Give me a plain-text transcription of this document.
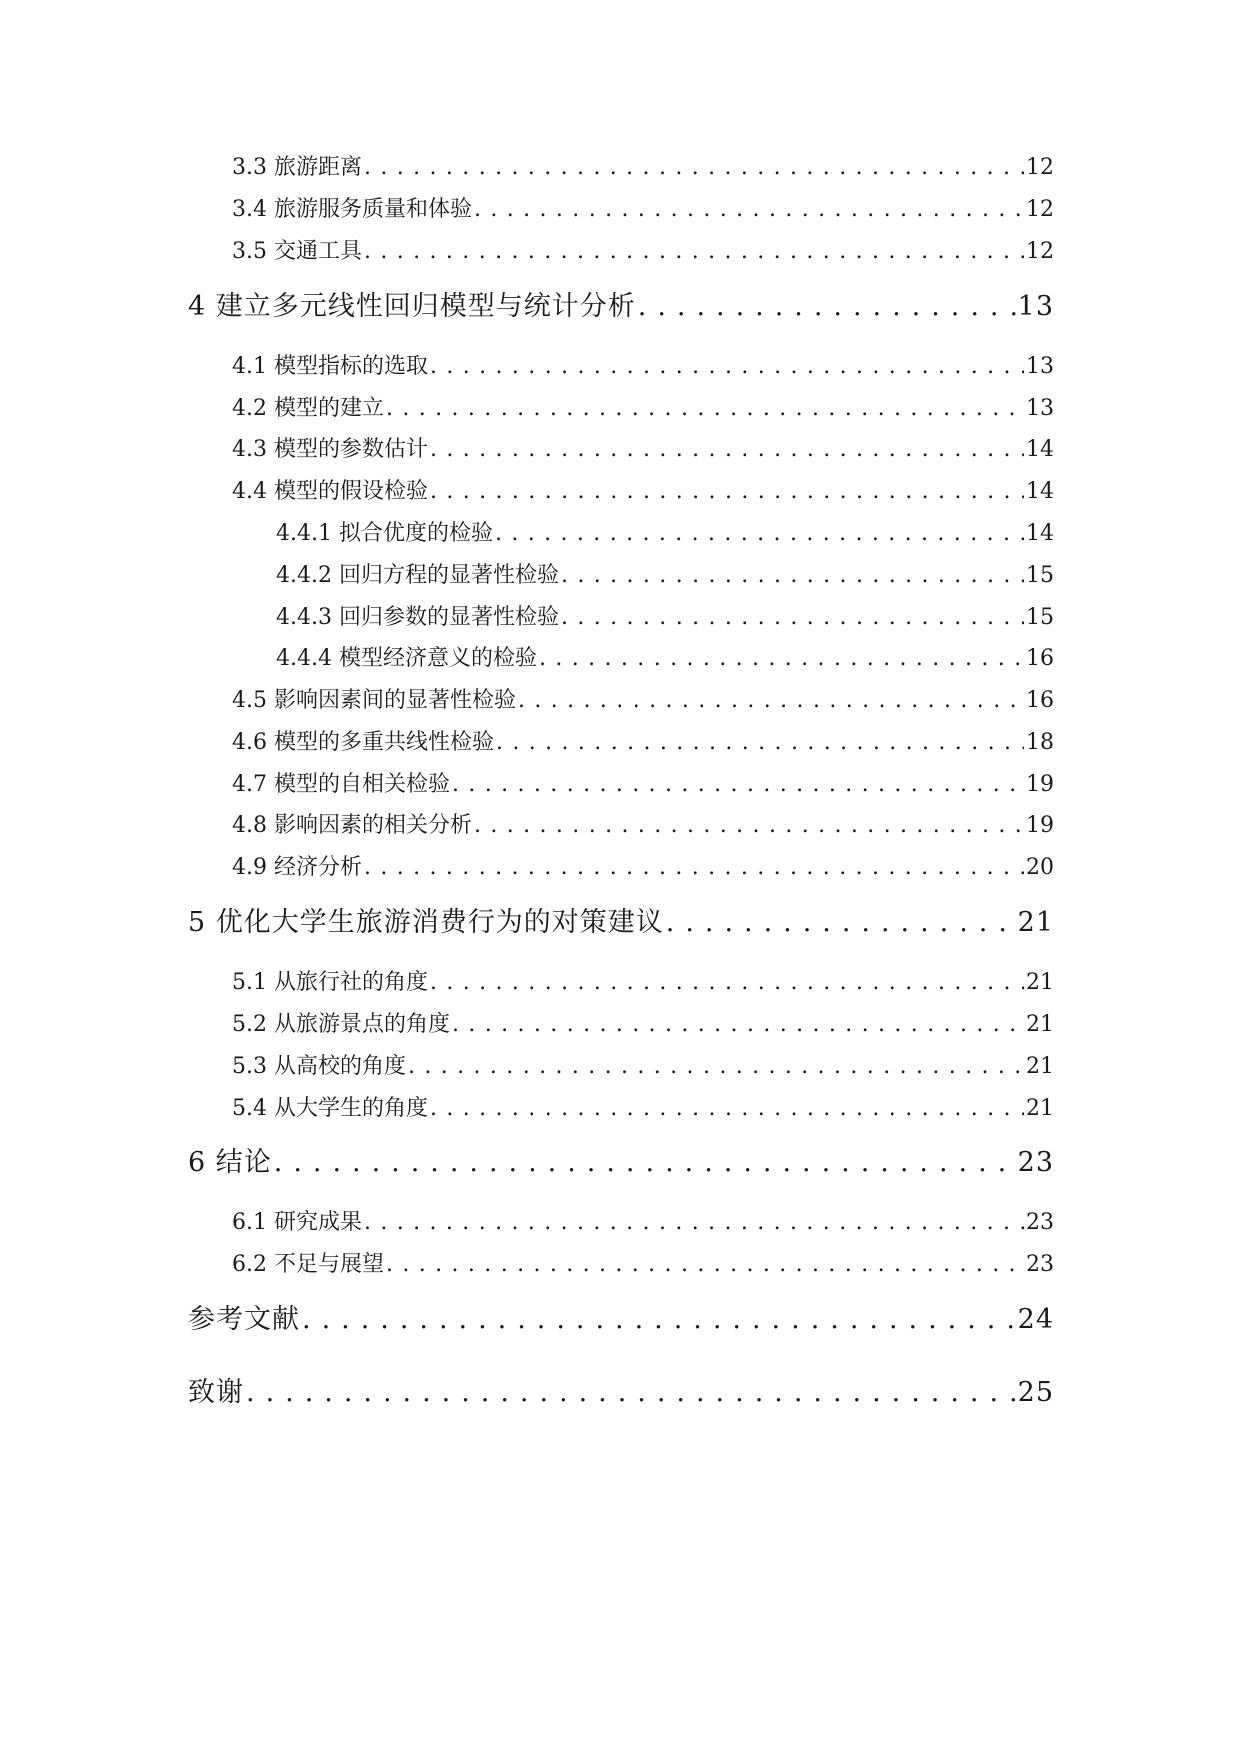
3.3 旅游距离 . . .	12
3.4 旅游服务质量和体验 . . .	12
3.5 交通工具 . . .	12
4 建立多元线性回归模型与统计分析 . . .	13
4.1 模型指标的选取 . . .	13
4.2 模型的建立 . . .	13
4.3 模型的参数估计 . . .	14
4.4 模型的假设检验 . . .	14
4.4.1 拟合优度的检验 . . .	14
4.4.2 回归方程的显著性检验 . . .	15
4.4.3 回归参数的显著性检验 . . .	15
4.4.4 模型经济意义的检验 . . .	16
4.5 影响因素间的显著性检验 . . .	16
4.6 模型的多重共线性检验 . . .	18
4.7 模型的自相关检验 . . .	19
4.8 影响因素的相关分析 . . .	19
4.9 经济分析 . . .	20
5 优化大学生旅游消费行为的对策建议 . . .	21
5.1 从旅行社的角度 . . .	21
5.2 从旅游景点的角度 . . .	21
5.3 从高校的角度 . . .	21
5.4 从大学生的角度 . . .	21
6 结论 . . .	23
6.1 研究成果 . . .	23
6.2 不足与展望 . . .	23
参考文献 . . .	24
致谢 . . .	25
